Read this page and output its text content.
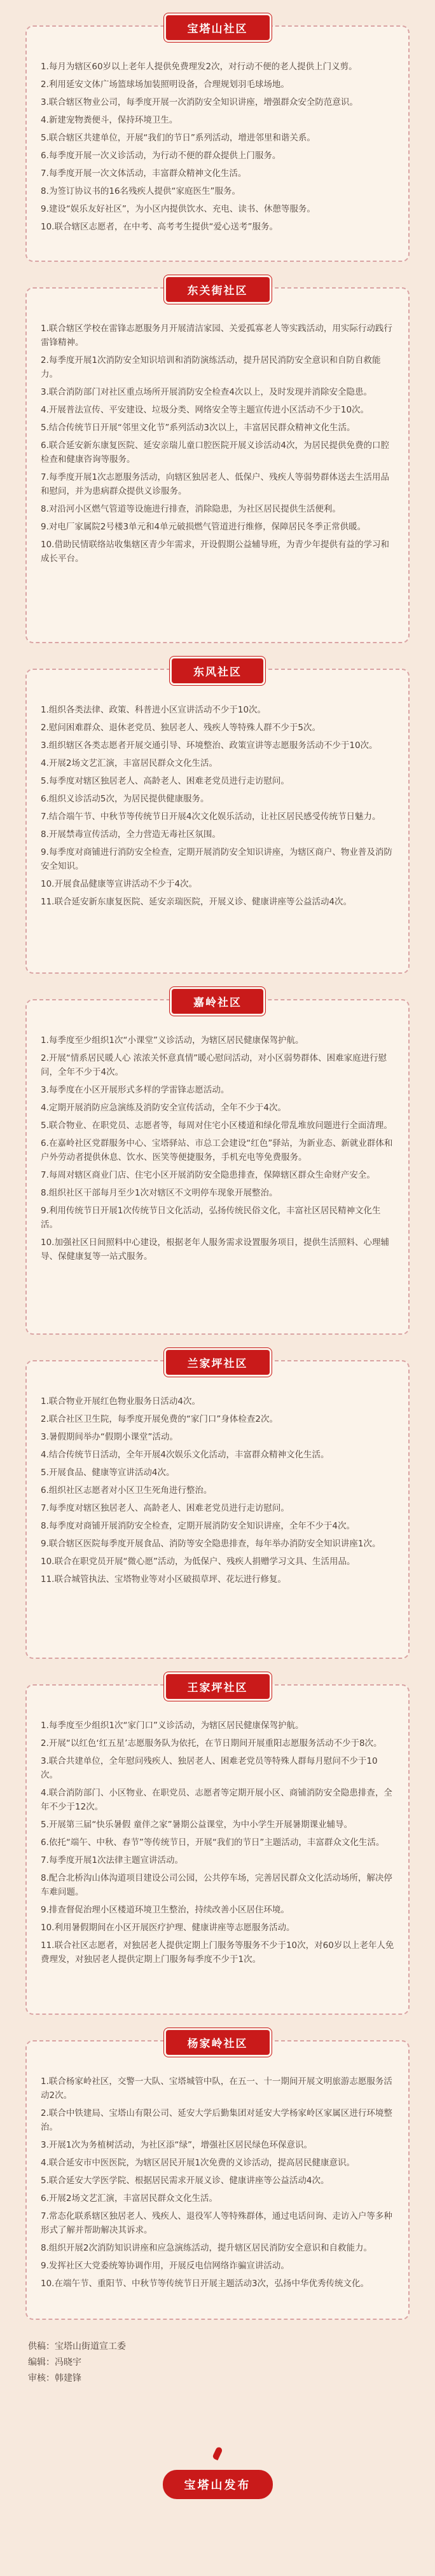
宝塔山社区

1.每月为辖区60岁以上老年人提供免费理发2次，对行动不便的老人提供上门义剪。

2.利用延安文体广场篮球场加装照明设备，合理规划羽毛球场地。

3.联合辖区物业公司，每季度开展一次消防安全知识讲座，增强群众安全防范意识。

4.新建宠物粪便斗，保持环境卫生。

5.联合辖区共建单位，开展“我们的节日”系列活动，增进邻里和谐关系。

6.每季度开展一次义诊活动，为行动不便的群众提供上门服务。

7.每季度开展一次文体活动，丰富群众精神文化生活。

8.为签订协议书的16名残疾人提供“家庭医生”服务。

9.建设“娱乐友好社区”，为小区内提供饮水、充电、读书、休憩等服务。

10.联合辖区志愿者，在中考、高考考生提供“爱心送考”服务。

东关街社区

1.联合辖区学校在雷锋志愿服务月开展清洁家园、关爱孤寡老人等实践活动，用实际行动践行雷锋精神。

2.每季度开展1次消防安全知识培训和消防演练活动，提升居民消防安全意识和自防自救能力。

3.联合消防部门对社区重点场所开展消防安全检查4次以上，及时发现并消除安全隐患。

4.开展普法宣传、平安建设、垃圾分类、网络安全等主题宣传进小区活动不少于10次。

5.结合传统节日开展“邻里文化节”系列活动3次以上，丰富居民群众精神文化生活。

6.联合延安新东康复医院、延安亲瑞儿童口腔医院开展义诊活动4次，为居民提供免费的口腔检查和健康咨询等服务。

7.每季度开展1次志愿服务活动，向辖区独居老人、低保户、残疾人等弱势群体送去生活用品和慰问，并为患病群众提供义诊服务。

8.对沿河小区燃气管道等设施进行排查，消除隐患，为社区居民提供生活便利。

9.对电厂家属院2号楼3单元和4单元破损燃气管道进行维修，保障居民冬季正常供暖。

10.借助民情联络站收集辖区青少年需求，开设假期公益辅导班，为青少年提供有益的学习和成长平台。

东风社区

1.组织各类法律、政策、科普进小区宣讲活动不少于10次。

2.慰问困难群众、退休老党员、独居老人、残疾人等特殊人群不少于5次。

3.组织辖区各类志愿者开展交通引导、环境整治、政策宣讲等志愿服务活动不少于10次。

4.开展2场文艺汇演，丰富居民群众文化生活。

5.每季度对辖区独居老人、高龄老人、困难老党员进行走访慰问。

6.组织义诊活动5次，为居民提供健康服务。

7.结合端午节、中秋节等传统节日开展4次文化娱乐活动，让社区居民感受传统节日魅力。

8.开展禁毒宣传活动，全力营造无毒社区氛围。

9.每季度对商铺进行消防安全检查，定期开展消防安全知识讲座，为辖区商户、物业普及消防安全知识。

10.开展食品健康等宣讲活动不少于4次。

11.联合延安新东康复医院、延安亲瑞医院，开展义诊、健康讲座等公益活动4次。

嘉岭社区

1.每季度至少组织1次“小课堂”义诊活动，为辖区居民健康保驾护航。

2.开展“情系居民暖人心 浓浓关怀意真情”暖心慰问活动，对小区弱势群体、困难家庭进行慰问，全年不少于4次。

3.每季度在小区开展形式多样的学雷锋志愿活动。

4.定期开展消防应急演练及消防安全宣传活动，全年不少于4次。

5.联合物业、在职党员、志愿者等，每周对住宅小区楼道和绿化带乱堆放问题进行全面清理。

6.在嘉岭社区党群服务中心、宝塔驿站、市总工会建设“红色”驿站，为新业态、新就业群体和户外劳动者提供休息、饮水、医笑等便捷服务，手机充电等免费服务。

7.每周对辖区商业门店、住宅小区开展消防安全隐患排查，保障辖区群众生命财产安全。

8.组织社区干部每月至少1次对辖区不文明停车现象开展整治。

9.利用传统节日开展1次传统节日文化活动，弘扬传统民俗文化，丰富社区居民精神文化生活。

10.加强社区日间照料中心建设，根据老年人服务需求设置服务项目，提供生活照料、心理辅导、保健康复等一站式服务。

兰家坪社区

1.联合物业开展红色物业服务日活动4次。

2.联合社区卫生院，每季度开展免费的“家门口”身体检查2次。

3.暑假期间举办“假期小课堂”活动。

4.结合传统节日活动，全年开展4次娱乐文化活动，丰富群众精神文化生活。

5.开展食品、健康等宣讲活动4次。

6.组织社区志愿者对小区卫生死角进行整治。

7.每季度对辖区独居老人、高龄老人、困难老党员进行走访慰问。

8.每季度对商铺开展消防安全检查，定期开展消防安全知识讲座，全年不少于4次。

9.联合辖区医院每季度开展食品、消防等安全隐患排查，每年举办消防安全知识讲座1次。

10.联合在职党员开展“微心愿”活动，为低保户、残疾人捐赠学习文具、生活用品。

11.联合城管执法、宝塔物业等对小区破损草坪、花坛进行修复。

王家坪社区

1.每季度至少组织1次“家门口”义诊活动，为辖区居民健康保驾护航。

2.开展“以红色‘红五星’志愿服务队为依托，在节日期间开展重阳志愿服务活动不少于8次。

3.联合共建单位，全年慰问残疾人、独居老人、困难老党员等特殊人群每月慰问不少于10次。

4.联合消防部门、小区物业、在职党员、志愿者等定期开展小区、商铺消防安全隐患排查，全年不少于12次。

5.开展第三届“快乐暑假 童伴之家”暑期公益课堂，为中小学生开展暑期课业辅导。

6.依托“端午、中秋、春节”等传统节日，开展“我们的节日”主题活动，丰富群众文化生活。

7.每季度开展1次法律主题宣讲活动。

8.配合北桥沟山体沟道项目建设公司公园，公共停车场，完善居民群众文化活动场所，解决停车难问题。

9.排查督促治理小区楼道环境卫生整治，持续改善小区居住环境。

10.利用暑假期间在小区开展医疗护理、健康讲座等志愿服务活动。

11.联合社区志愿者，对独居老人提供定期上门服务等服务不少于10次，对60岁以上老年人免费理发，对独居老人提供定期上门服务每季度不少于1次。

杨家岭社区

1.联合杨家岭社区，交警一大队、宝塔城管中队，在五一、十一期间开展文明旅游志愿服务活动2次。

2.联合中铁建局、宝塔山有限公司、延安大学后勤集团对延安大学杨家岭区家属区进行环境整治。

3.开展1次为务植树活动，为社区添“绿”，增强社区居民绿色环保意识。

4.联合延安市中医医院，为辖区居民开展1次免费的义诊活动，提高居民健康意识。

5.联合延安大学医学院、根据居民需求开展义诊、健康讲座等公益活动4次。

6.开展2场文艺汇演，丰富居民群众文化生活。

7.常态化联系辖区独居老人、残疾人、退役军人等特殊群体，通过电话问询、走访入户等多种形式了解并帮助解决其诉求。

8.组织开展2次消防知识讲座和应急演练活动，提升辖区居民消防安全意识和自救能力。

9.发挥社区大党委统筹协调作用，开展反电信网络诈骗宣讲活动。

10.在端午节、重阳节、中秋节等传统节日开展主题活动3次，弘扬中华优秀传统文化。

供稿：宝塔山街道宣工委
编辑：冯晓宇
审核：韩建锋
宝塔山发布
